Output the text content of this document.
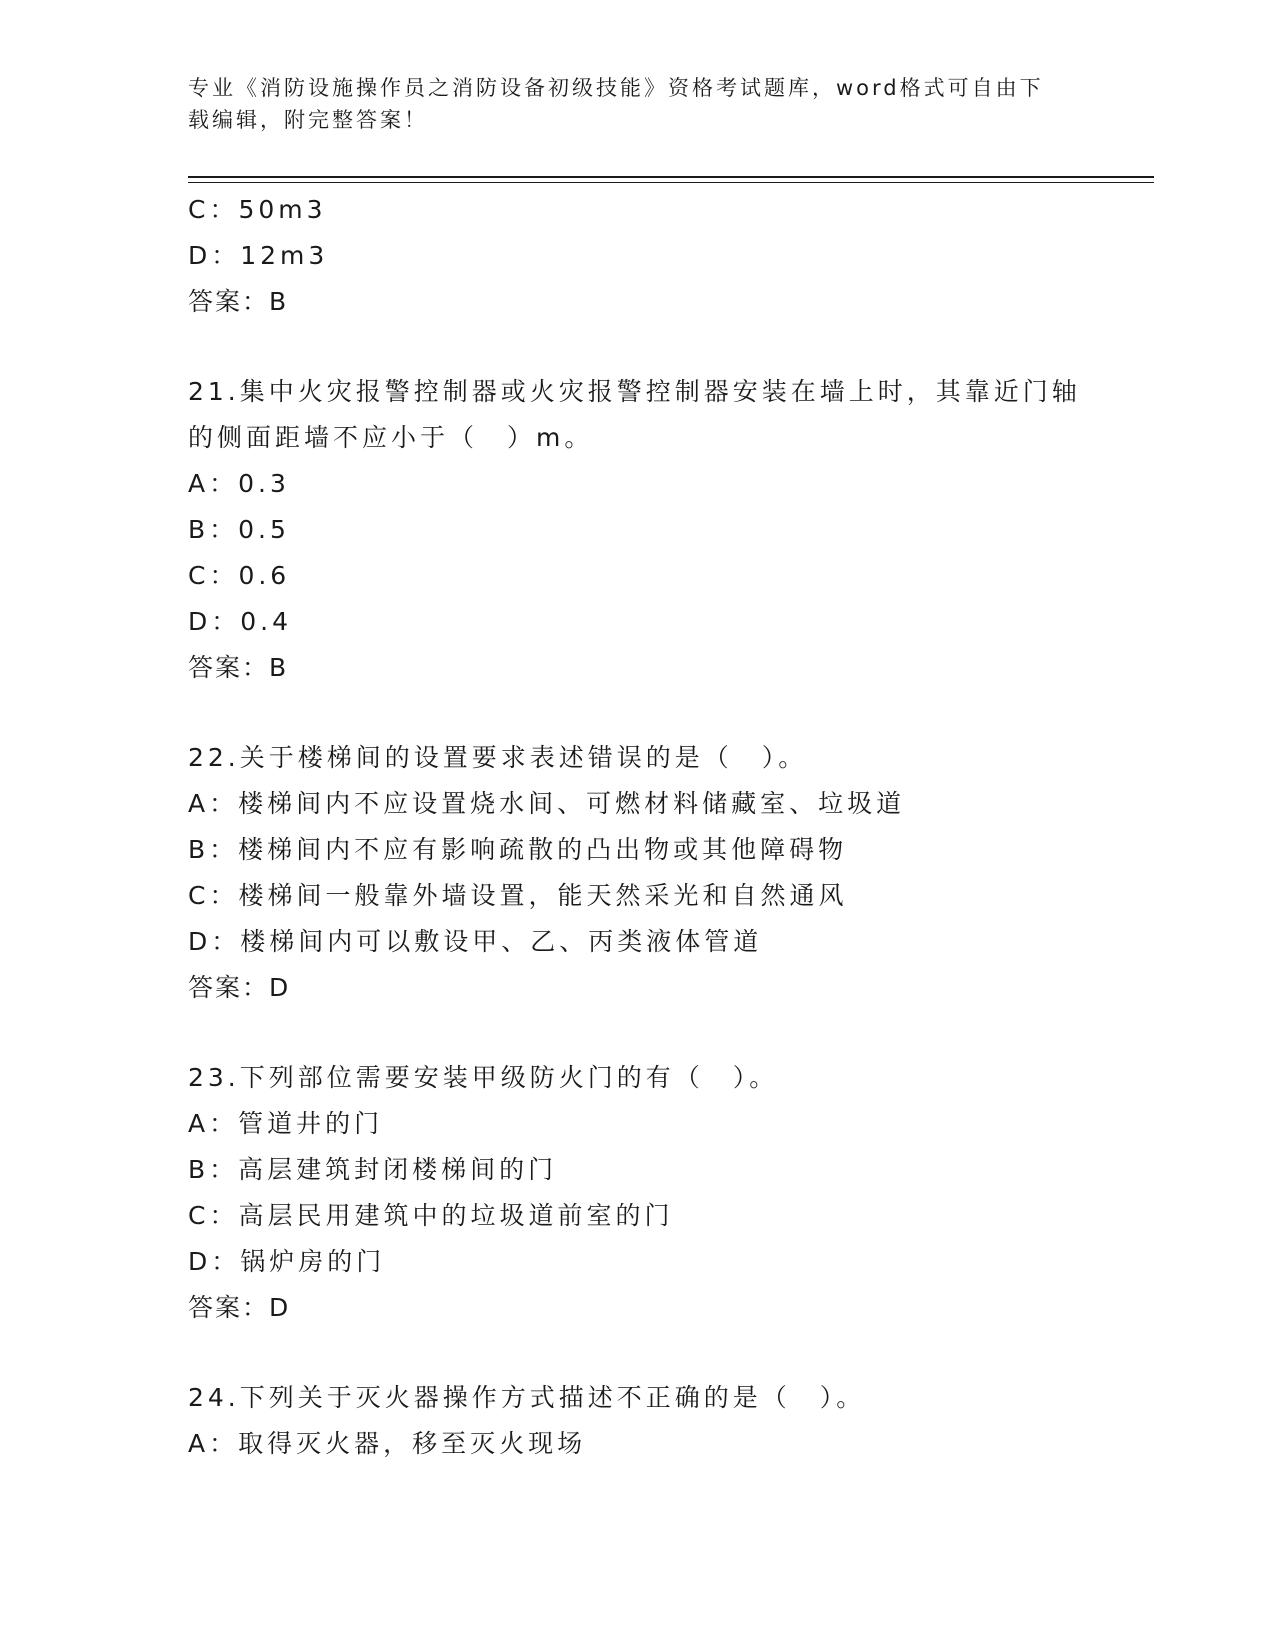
专业《消防设施操作员之消防设备初级技能》资格考试题库，word格式可自由下
载编辑，附完整答案！
C：50m3
D：12m3
答案：B
21.集中火灾报警控制器或火灾报警控制器安装在墙上时，其靠近门轴
的侧面距墙不应小于（　）m。
A：0.3
B：0.5
C：0.6
D：0.4
答案：B
22.关于楼梯间的设置要求表述错误的是（　）。
A：楼梯间内不应设置烧水间、可燃材料储藏室、垃圾道
B：楼梯间内不应有影响疏散的凸出物或其他障碍物
C：楼梯间一般靠外墙设置，能天然采光和自然通风
D：楼梯间内可以敷设甲、乙、丙类液体管道
答案：D
23.下列部位需要安装甲级防火门的有（　）。
A：管道井的门
B：高层建筑封闭楼梯间的门
C：高层民用建筑中的垃圾道前室的门
D：锅炉房的门
答案：D
24.下列关于灭火器操作方式描述不正确的是（　）。
A：取得灭火器，移至灭火现场
